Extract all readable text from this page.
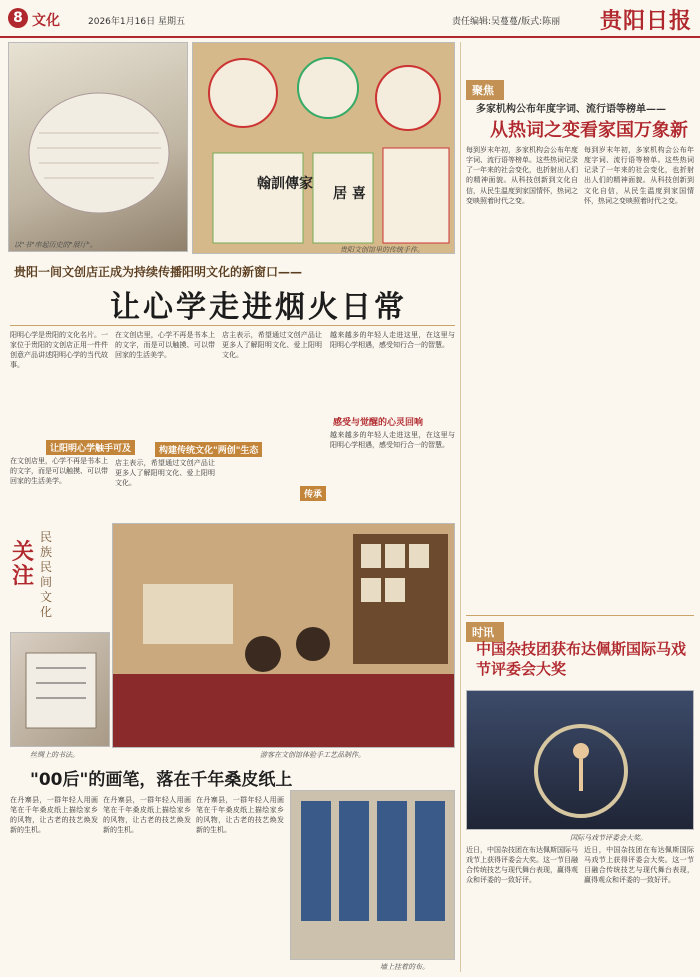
8 文化	2026年1月16日 星期五	责任编辑:吴蔓蔓/版式:陈丽 贵阳日报
以"书"串起历史的"展厅"。
翰訓傳家
居 喜
贵阳文创馆里的传统手作。
贵阳一间文创店正成为持续传播阳明文化的新窗口——
让心学走进烟火日常
阳明心学是贵阳的文化名片。一家位于贵阳的文创店正用一件件创意产品讲述阳明心学的当代故事。
让阳明心学触手可及
在文创店里，心学不再是书本上的文字，而是可以触摸、可以带回家的生活美学。
在文创店里，心学不再是书本上的文字，而是可以触摸、可以带回家的生活美学。
构建传统文化"两创"生态
店主表示，希望通过文创产品让更多人了解阳明文化、爱上阳明文化。
店主表示，希望通过文创产品让更多人了解阳明文化、爱上阳明文化。
传承
越来越多的年轻人走进这里，在这里与阳明心学相遇，感受知行合一的智慧。
感受与觉醒的心灵回响
越来越多的年轻人走进这里，在这里与阳明心学相遇，感受知行合一的智慧。
关注
民族民间文化
丝绸上的书法。	游客在文创馆体验手工艺品制作。
"00后"的画笔，落在千年桑皮纸上
在丹寨县，一群年轻人用画笔在千年桑皮纸上描绘家乡的风物，让古老的技艺焕发新的生机。
在丹寨县，一群年轻人用画笔在千年桑皮纸上描绘家乡的风物，让古老的技艺焕发新的生机。
在丹寨县，一群年轻人用画笔在千年桑皮纸上描绘家乡的风物，让古老的技艺焕发新的生机。
墙上挂着的布。
聚焦
多家机构公布年度字词、流行语等榜单——
从热词之变看家国万象新
每到岁末年初，多家机构会公布年度字词、流行语等榜单。这些热词记录了一年来的社会变化，也折射出人们的精神面貌。从科技创新到文化自信，从民生温度到家国情怀，热词之变映照着时代之变。
每到岁末年初，多家机构会公布年度字词、流行语等榜单。这些热词记录了一年来的社会变化，也折射出人们的精神面貌。从科技创新到文化自信，从民生温度到家国情怀，热词之变映照着时代之变。
时讯
中国杂技团获布达佩斯国际马戏节评委会大奖
国际马戏节评委会大奖。
近日，中国杂技团在布达佩斯国际马戏节上获得评委会大奖。这一节目融合传统技艺与现代舞台表现，赢得观众和评委的一致好评。
近日，中国杂技团在布达佩斯国际马戏节上获得评委会大奖。这一节目融合传统技艺与现代舞台表现，赢得观众和评委的一致好评。
